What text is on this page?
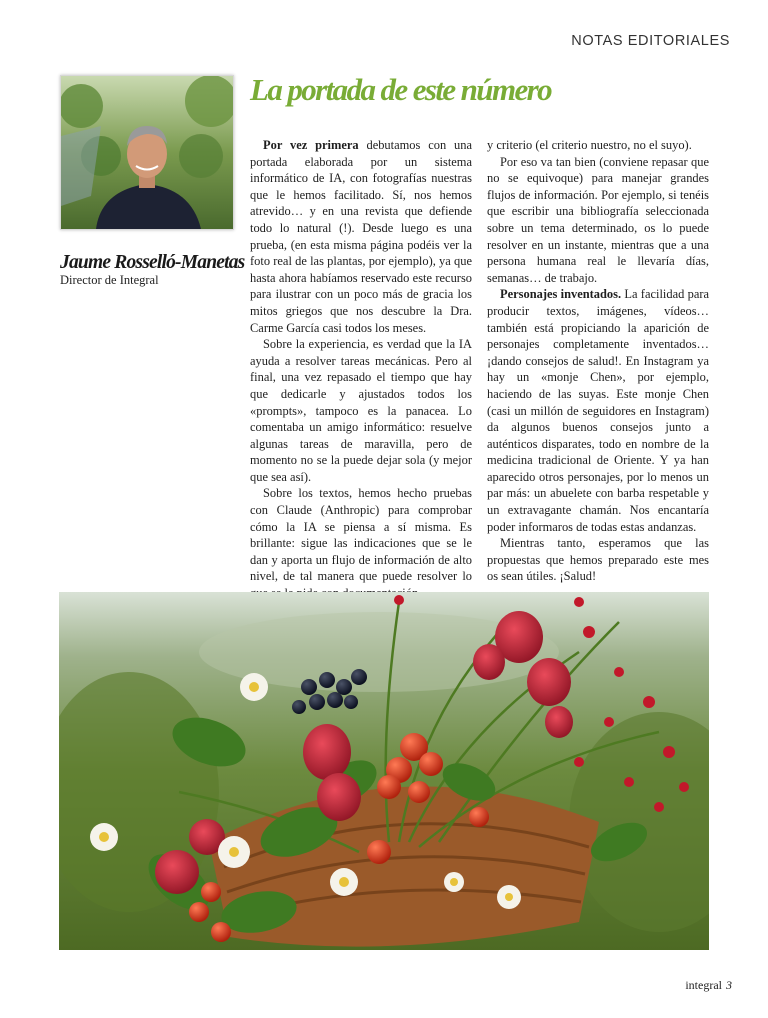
NOTAS EDITORIALES
Jaume Rosselló-Manetas
Director de Integral
La portada de este número

Por vez primera debutamos con una portada elaborada por un sistema informático de IA, con fotografías nuestras que le hemos facilitado. Sí, nos hemos atrevido… y en una revista que defiende todo lo natural (!). Desde luego es una prueba, (en esta misma página podéis ver la foto real de las plantas, por ejemplo), ya que hasta ahora habíamos reservado este recurso para ilustrar con un poco más de gracia los mitos griegos que nos descubre la Dra. Carme García casi todos los meses.

Sobre la experiencia, es verdad que la IA ayuda a resolver tareas mecánicas. Pero al final, una vez repasado el tiempo que hay que dedicarle y ajustados todos los «prompts», tampoco es la panacea. Lo comentaba un amigo informático: resuelve algunas tareas de maravilla, pero de momento no se la puede dejar sola (y mejor que sea así).

Sobre los textos, hemos hecho pruebas con Claude (Anthropic) para comprobar cómo la IA se piensa a sí misma. Es brillante: sigue las indicaciones que se le dan y aporta un flujo de información de alto nivel, de tal manera que puede resolver lo

y criterio (el criterio nuestro, no el suyo).

Por eso va tan bien (conviene repasar que no se equivoque) para manejar grandes flujos de información. Por ejemplo, si tenéis que escribir una bibliografía seleccionada sobre un tema determinado, os lo puede resolver en un instante, mientras que a una persona humana real le llevaría días, semanas… de trabajo.

Personajes inventados. La facilidad para producir textos, imágenes, vídeos… también está propiciando la aparición de personajes completamente inventados… ¡dando consejos de salud!. En Instagram ya hay un «monje Chen», por ejemplo, haciendo de las suyas. Este monje Chen (casi un millón de seguidores en Instagram) da algunos buenos consejos junto a auténticos disparates, todo en nombre de la medicina tradicional de Oriente. Y ya han aparecido otros personajes, por lo menos un par más: un abuelete con barba respetable y un extravagante chamán. Nos encantaría poder informaros de todas estas andanzas.

Mientras tanto, esperamos que las propuestas que hemos preparado este mes os sean útiles. ¡Salud!

integral 3
